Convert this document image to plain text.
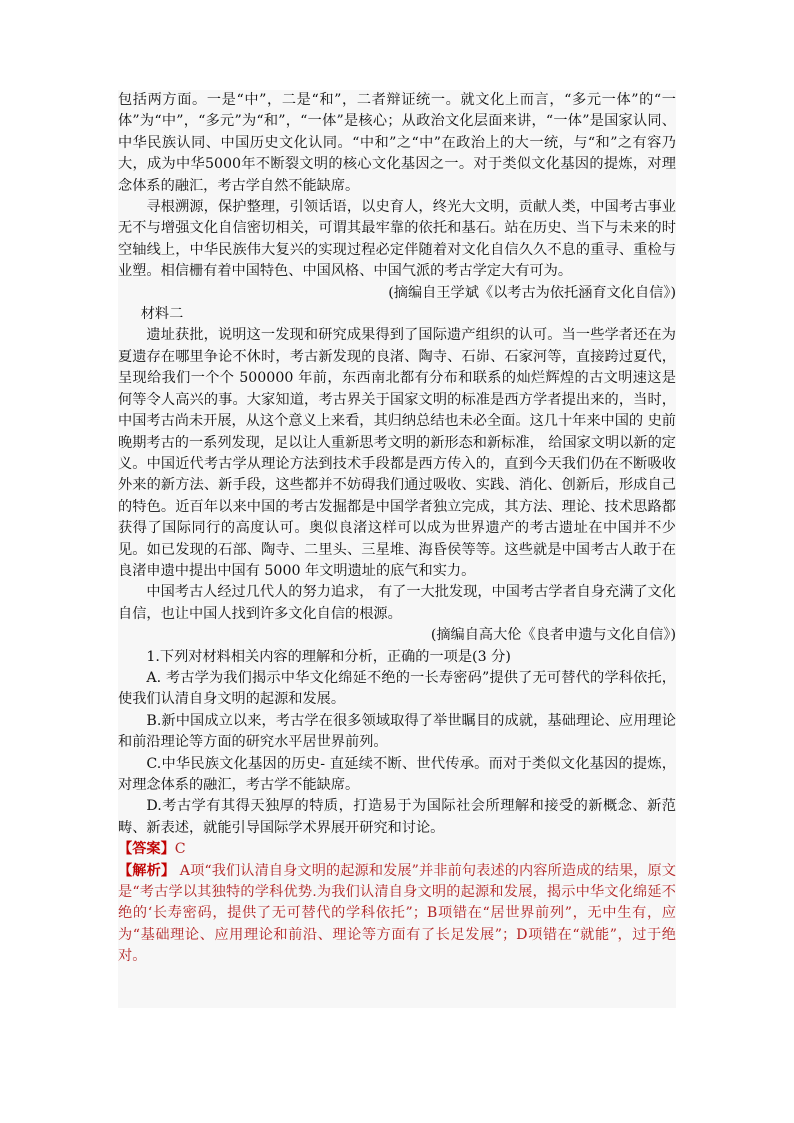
包括两方面。一是“中”，二是“和”，二者辩证统一。就文化上而言，“多元一体”的“一体”为“中”，“多元”为“和”，“一体”是核心；从政治文化层面来讲，“一体”是国家认同、中华民族认同、中国历史文化认同。“中和”之“中”在政治上的大一统，与“和”之有容乃大，成为中华5000年不断裂文明的核心文化基因之一。对于类似文化基因的提炼，对理念体系的融汇，考古学自然不能缺席。

寻根溯源，保护整理，引领话语，以史育人，终光大文明，贡献人类，中国考古事业无不与增强文化自信密切相关，可谓其最牢靠的依托和基石。站在历史、当下与未来的时空轴线上，中华民族伟大复兴的实现过程必定伴随着对文化自信久久不息的重寻、重检与业塑。相信栅有着中国特色、中国风格、中国气派的考古学定大有可为。

(摘编自王学斌《以考古为依托涵育文化自信》)

材料二

遗址获批，说明这一发现和研究成果得到了国际遗产组织的认可。当一些学者还在为夏遗存在哪里争论不休时，考古新发现的良渚、陶寺、石峁、石家河等，直接跨过夏代，呈现给我们一个个 500000 年前，东西南北都有分布和联系的灿烂辉煌的古文明速这是何等令人高兴的事。大家知道，考古界关于国家文明的标准是西方学者提出来的，当时，中国考古尚未开展，从这个意义上来看，其归纳总结也未必全面。这几十年来中国的 史前晚期考古的一系列发现，足以让人重新思考文明的新形态和新标准， 给国家文明以新的定义。中国近代考古学从理论方法到技术手段都是西方传入的，直到今天我们仍在不断吸收外来的新方法、新手段，这些都并不妨碍我们通过吸收、实践、消化、创新后，形成自己的特色。近百年以来中国的考古发掘都是中国学者独立完成，其方法、理论、技术思路都获得了国际同行的高度认可。奥似良渚这样可以成为世界遗产的考古遗址在中国并不少见。如已发现的石部、陶寺、二里头、三星堆、海昏侯等等。这些就是中国考古人敢于在良渚申遗中提出中国有 5000 年文明遗址的底气和实力。

中国考古人经过几代人的努力追求， 有了一大批发现，中国考古学者自身充满了文化自信，也让中国人找到许多文化自信的根源。

(摘编自高大伦《良者申遗与文化自信》)

1.下列对材料相关内容的理解和分析，正确的一项是(3 分)

A. 考古学为我们揭示中华文化绵延不绝的一长寿密码”提供了无可替代的学科依托，使我们认清自身文明的起源和发展。

B.新中国成立以来，考古学在很多领域取得了举世瞩目的成就，基础理论、应用理论和前沿理论等方面的研究水平居世界前列。

C.中华民族文化基因的历史- 直延续不断、世代传承。而对于类似文化基因的提炼，对理念体系的融汇，考古学不能缺席。

D.考古学有其得天独厚的特质，打造易于为国际社会所理解和接受的新概念、新范畴、新表述，就能引导国际学术界展开研究和讨论。

【答案】C

【解析】 A项“我们认清自身文明的起源和发展”并非前句表述的内容所造成的结果，原文是“考古学以其独特的学科优势.为我们认清自身文明的起源和发展，揭示中华文化绵延不绝的‘长寿密码，提供了无可替代的学科依托”；B项错在“居世界前列”，无中生有，应为“基础理论、应用理论和前沿、理论等方面有了长足发展”；D项错在“就能”，过于绝对。
